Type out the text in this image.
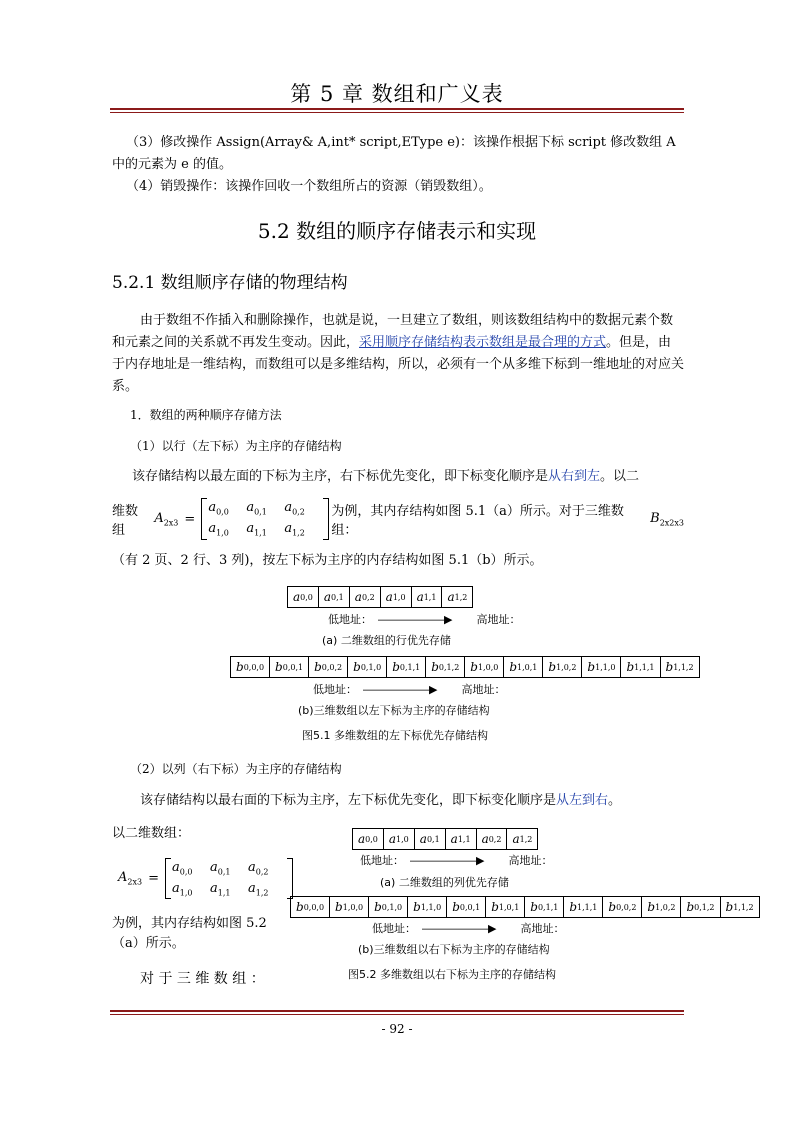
第 5 章 数组和广义表
（3）修改操作 Assign(Array& A,int* script,EType e)：该操作根据下标 script 修改数组 A 中的元素为 e 的值。
（4）销毁操作：该操作回收一个数组所占的资源（销毁数组）。
5.2 数组的顺序存储表示和实现
5.2.1 数组顺序存储的物理结构
由于数组不作插入和删除操作，也就是说，一旦建立了数组，则该数组结构中的数据元素个数和元素之间的关系就不再发生变动。因此，采用顺序存储结构表示数组是最合理的方式。但是，由于内存地址是一维结构，而数组可以是多维结构，所以，必须有一个从多维下标到一维地址的对应关系。
1．数组的两种顺序存储方法
（1）以行（左下标）为主序的存储结构
该存储结构以最左面的下标为主序，右下标优先变化，即下标变化顺序是从右到左。以二
维数组
$A_{2x3}$ =
$a_{0,0}$	$a_{0,1}$	$a_{0,2}$
$a_{1,0}$	$a_{1,1}$	$a_{1,2}$
为例，其内存结构如图 5.1（a）所示。对于三维数组：
$B_{2x2x3}$
（有 2 页、2 行、3 列)，按左下标为主序的内存结构如图 5.1（b）所示。
a 0,0 a 0,1 a 0,2 a 1,0 a 1,1 a 1,2
低地址： ――――――▶ 高地址：
(a) 二维数组的行优先存储
b 0,0,0 b 0,0,1 b 0,0,2 b 0,1,0 b 0,1,1 b 0,1,2 b 1,0,0 b 1,0,1 b 1,0,2 b 1,1,0 b 1,1,1 b 1,1,2
低地址： ――――――▶ 高地址：
(b)三维数组以左下标为主序的存储结构
图5.1 多维数组的左下标优先存储结构
（2）以列（右下标）为主序的存储结构
该存储结构以最右面的下标为主序，左下标优先变化，即下标变化顺序是从左到右。
以二维数组：
$A_{2x3}$ =
$a_{0,0}$	$a_{0,1}$	$a_{0,2}$
$a_{1,0}$	$a_{1,1}$	$a_{1,2}$
为例，其内存结构如图 5.2（a）所示。
对 于 三 维 数 组 ：
a 0,0 a 1,0 a 0,1 a 1,1 a 0,2 a 1,2
低地址： ――――――▶ 高地址：
(a) 二维数组的列优先存储
b 0,0,0 b 1,0,0 b 0,1,0 b 1,1,0 b 0,0,1 b 1,0,1 b 0,1,1 b 1,1,1 b 0,0,2 b 1,0,2 b 0,1,2 b 1,1,2
低地址： ――――――▶ 高地址：
(b)三维数组以右下标为主序的存储结构
图5.2 多维数组以右下标为主序的存储结构
- 92 -
